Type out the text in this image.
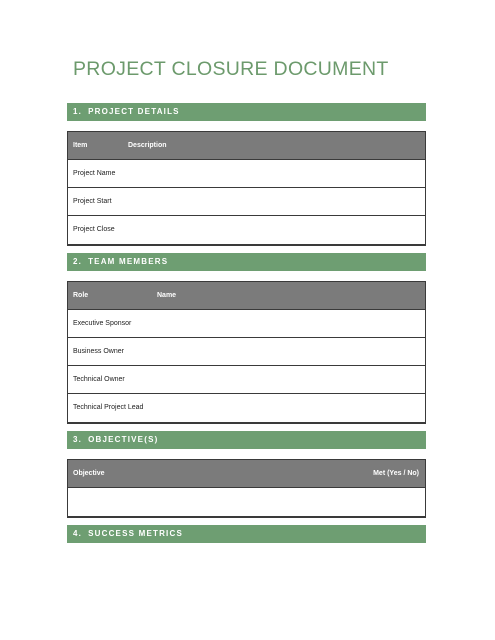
PROJECT CLOSURE DOCUMENT
1. PROJECT DETAILS
Item	Description
Project Name
Project Start
Project Close
2. TEAM MEMBERS
Role	Name
Executive Sponsor
Business Owner
Technical Owner
Technical Project Lead
3. OBJECTIVE(S)
Objective	Met (Yes / No)
4. SUCCESS METRICS
